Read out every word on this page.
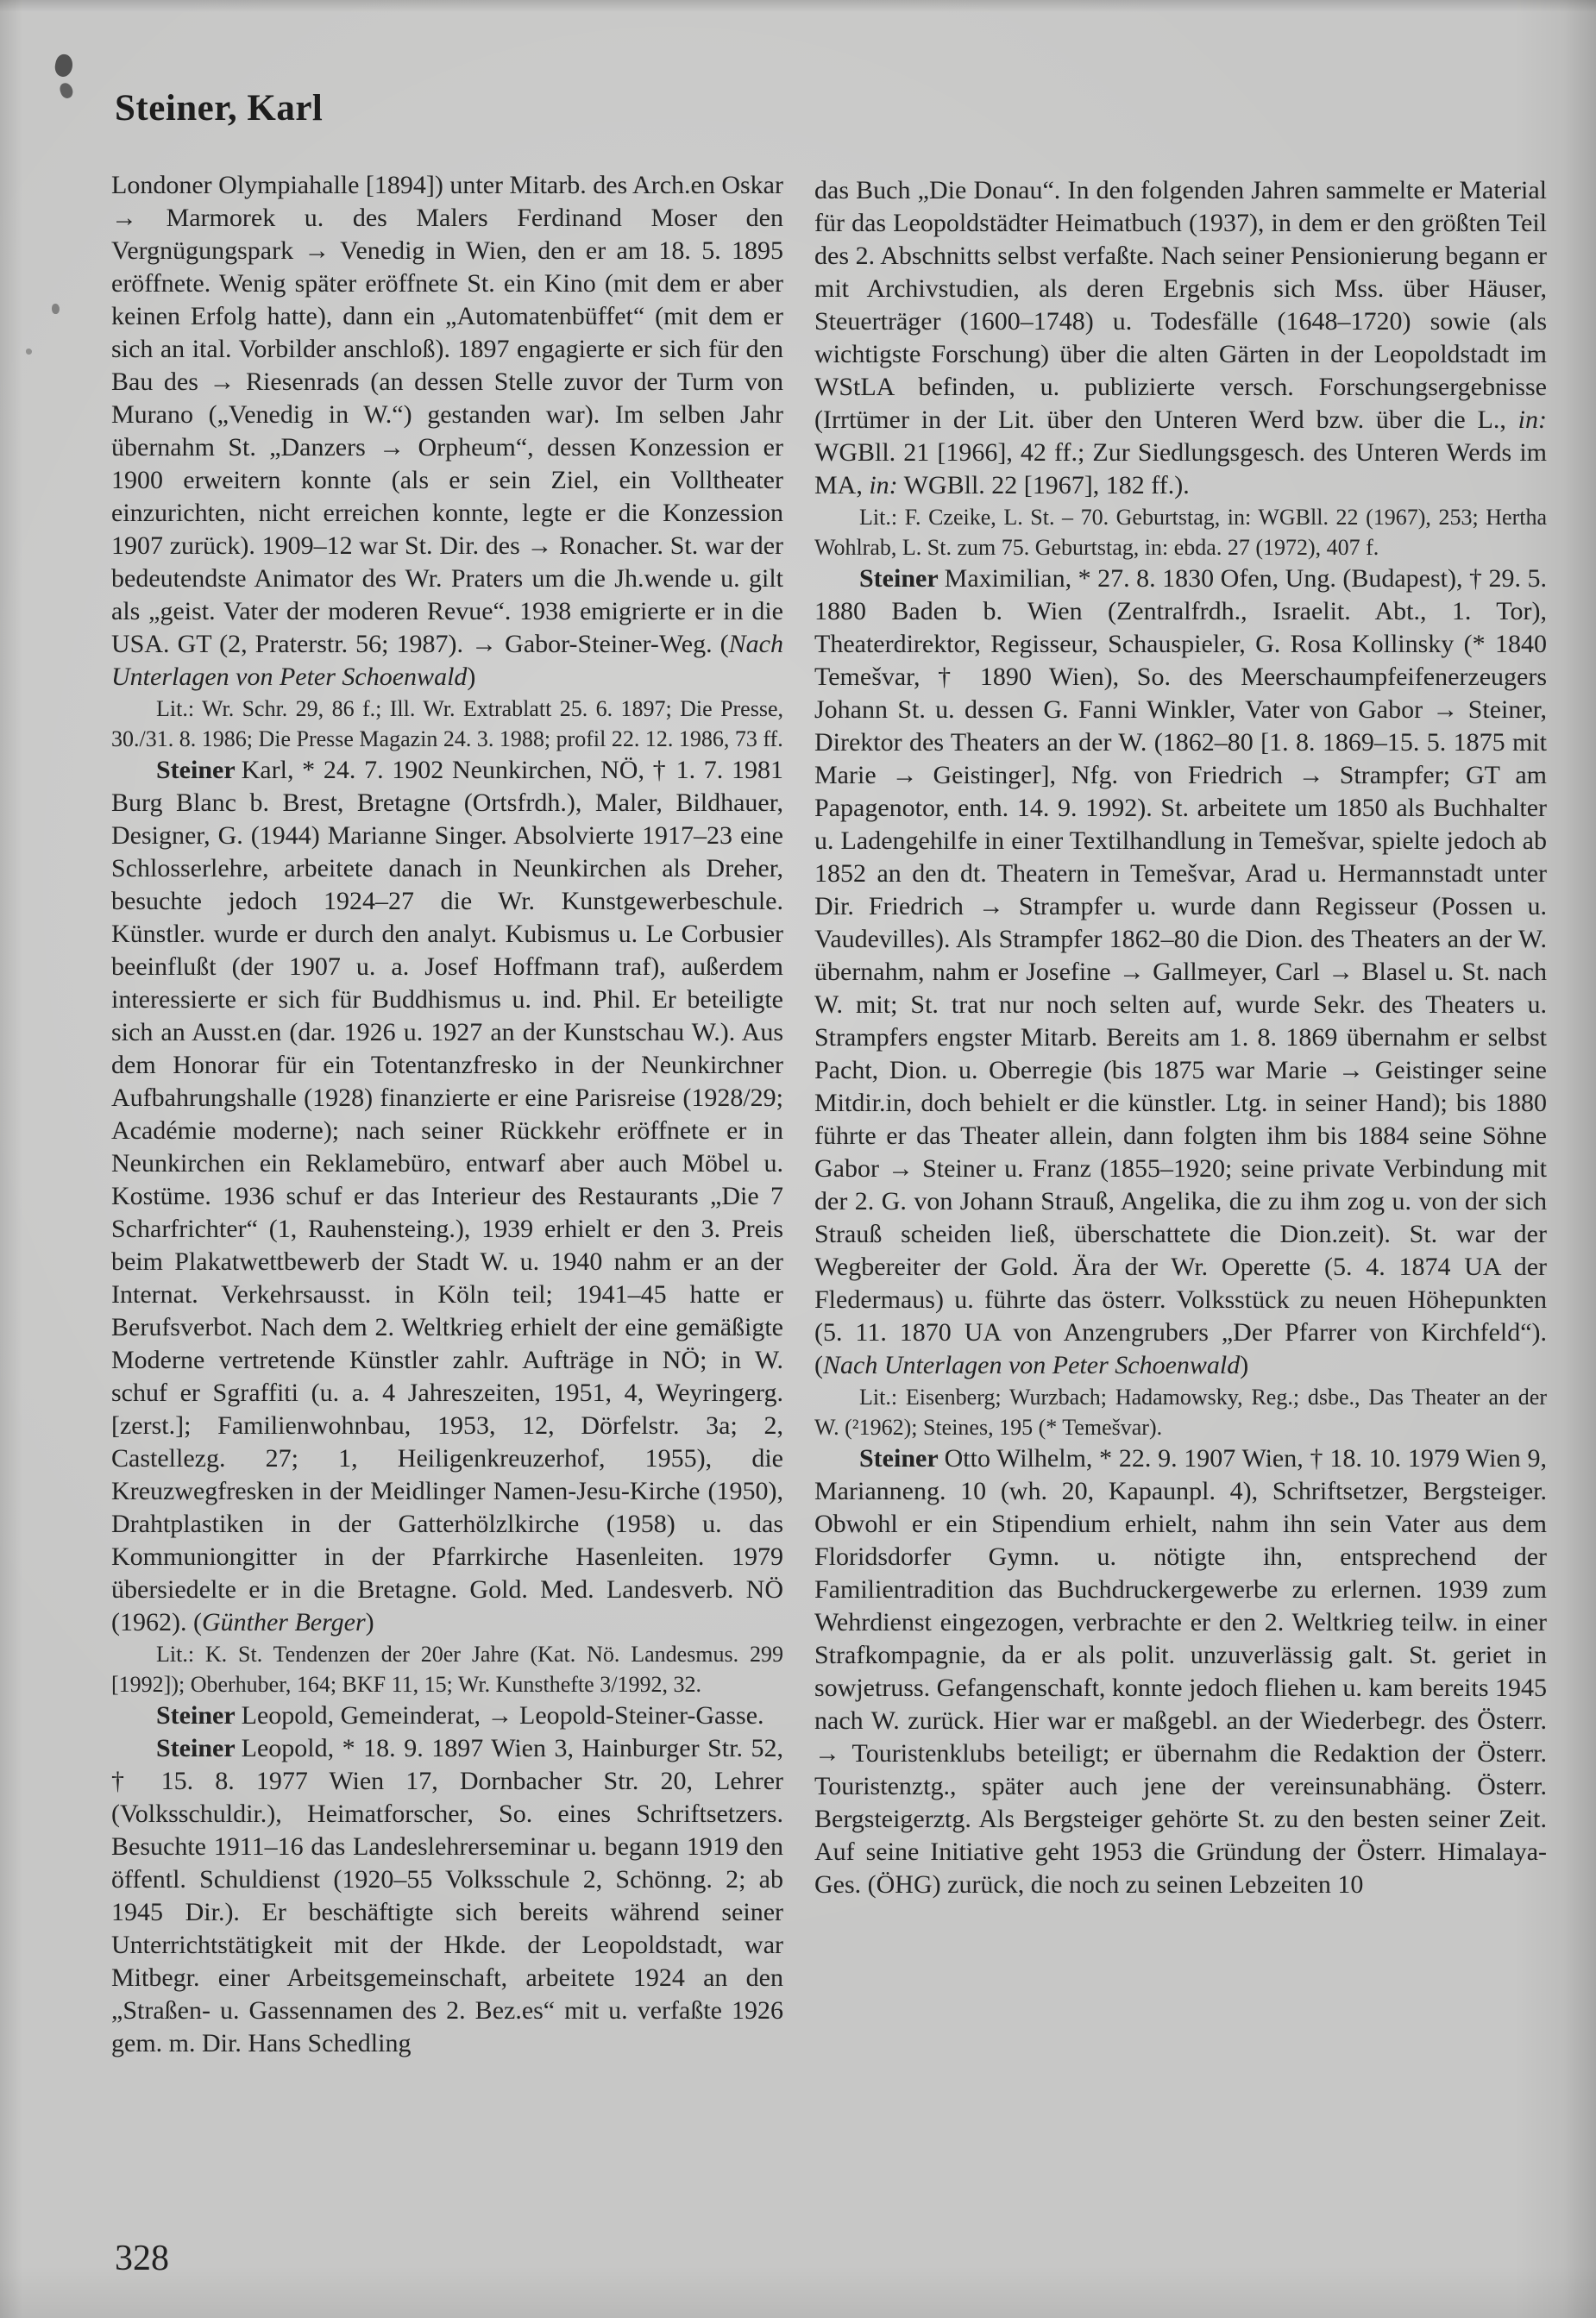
Steiner, Karl

Londoner Olympiahalle [1894]) unter Mitarb. des Arch.en Oskar → Marmorek u. des Malers Ferdinand Moser den Vergnügungspark → Venedig in Wien, den er am 18. 5. 1895 eröffnete. Wenig später eröffnete St. ein Kino (mit dem er aber keinen Erfolg hatte), dann ein „Automatenbüffet“ (mit dem er sich an ital. Vorbilder anschloß). 1897 engagierte er sich für den Bau des → Riesenrads (an dessen Stelle zuvor der Turm von Murano („Venedig in W.“) gestanden war). Im selben Jahr übernahm St. „Danzers → Orpheum“, dessen Konzession er 1900 erweitern konnte (als er sein Ziel, ein Volltheater einzurichten, nicht erreichen konnte, legte er die Konzession 1907 zurück). 1909–12 war St. Dir. des → Ronacher. St. war der bedeutendste Animator des Wr. Praters um die Jh.wende u. gilt als „geist. Vater der moderen Revue“. 1938 emigrierte er in die USA. GT (2, Praterstr. 56; 1987). → Gabor-Steiner-Weg. (Nach Unterlagen von Peter Schoenwald)

Lit.: Wr. Schr. 29, 86 f.; Ill. Wr. Extrablatt 25. 6. 1897; Die Presse, 30./31. 8. 1986; Die Presse Magazin 24. 3. 1988; profil 22. 12. 1986, 73 ff.

Steiner Karl, * 24. 7. 1902 Neunkirchen, NÖ, † 1. 7. 1981 Burg Blanc b. Brest, Bretagne (Ortsfrdh.), Maler, Bildhauer, Designer, G. (1944) Marianne Singer. Absolvierte 1917–23 eine Schlosserlehre, arbeitete danach in Neunkirchen als Dreher, besuchte jedoch 1924–27 die Wr. Kunstgewerbeschule. Künstler. wurde er durch den analyt. Kubismus u. Le Corbusier beeinflußt (der 1907 u. a. Josef Hoffmann traf), außerdem interessierte er sich für Buddhismus u. ind. Phil. Er beteiligte sich an Ausst.en (dar. 1926 u. 1927 an der Kunstschau W.). Aus dem Honorar für ein Totentanzfresko in der Neunkirchner Aufbahrungshalle (1928) finanzierte er eine Parisreise (1928/29; Académie moderne); nach seiner Rückkehr eröffnete er in Neunkirchen ein Reklamebüro, entwarf aber auch Möbel u. Kostüme. 1936 schuf er das Interieur des Restaurants „Die 7 Scharfrichter“ (1, Rauhensteing.), 1939 erhielt er den 3. Preis beim Plakatwettbewerb der Stadt W. u. 1940 nahm er an der Internat. Verkehrsausst. in Köln teil; 1941–45 hatte er Berufsverbot. Nach dem 2. Weltkrieg erhielt der eine gemäßigte Moderne vertretende Künstler zahlr. Aufträge in NÖ; in W. schuf er Sgraffiti (u. a. 4 Jahreszeiten, 1951, 4, Weyringerg. [zerst.]; Familienwohnbau, 1953, 12, Dörfelstr. 3a; 2, Castellezg. 27; 1, Heiligenkreuzerhof, 1955), die Kreuzwegfresken in der Meidlinger Namen-Jesu-Kirche (1950), Drahtplastiken in der Gatterhölzlkirche (1958) u. das Kommuniongitter in der Pfarrkirche Hasenleiten. 1979 übersiedelte er in die Bretagne. Gold. Med. Landesverb. NÖ (1962). (Günther Berger)

Lit.: K. St. Tendenzen der 20er Jahre (Kat. Nö. Landesmus. 299 [1992]); Oberhuber, 164; BKF 11, 15; Wr. Kunsthefte 3/1992, 32.

Steiner Leopold, Gemeinderat, → Leopold-Steiner-Gasse.

Steiner Leopold, * 18. 9. 1897 Wien 3, Hainburger Str. 52, † 15. 8. 1977 Wien 17, Dornbacher Str. 20, Lehrer (Volksschuldir.), Heimatforscher, So. eines Schriftsetzers. Besuchte 1911–16 das Landeslehrerseminar u. begann 1919 den öffentl. Schuldienst (1920–55 Volksschule 2, Schönng. 2; ab 1945 Dir.). Er beschäftigte sich bereits während seiner Unterrichtstätigkeit mit der Hkde. der Leopoldstadt, war Mitbegr. einer Arbeitsgemeinschaft, arbeitete 1924 an den „Straßen- u. Gassennamen des 2. Bez.es“ mit u. verfaßte 1926 gem. m. Dir. Hans Schedling

das Buch „Die Donau“. In den folgenden Jahren sammelte er Material für das Leopoldstädter Heimatbuch (1937), in dem er den größten Teil des 2. Abschnitts selbst verfaßte. Nach seiner Pensionierung begann er mit Archivstudien, als deren Ergebnis sich Mss. über Häuser, Steuerträger (1600–1748) u. Todesfälle (1648–1720) sowie (als wichtigste Forschung) über die alten Gärten in der Leopoldstadt im WStLA befinden, u. publizierte versch. Forschungsergebnisse (Irrtümer in der Lit. über den Unteren Werd bzw. über die L., in: WGBll. 21 [1966], 42 ff.; Zur Siedlungsgesch. des Unteren Werds im MA, in: WGBll. 22 [1967], 182 ff.).

Lit.: F. Czeike, L. St. – 70. Geburtstag, in: WGBll. 22 (1967), 253; Hertha Wohlrab, L. St. zum 75. Geburtstag, in: ebda. 27 (1972), 407 f.

Steiner Maximilian, * 27. 8. 1830 Ofen, Ung. (Budapest), † 29. 5. 1880 Baden b. Wien (Zentralfrdh., Israelit. Abt., 1. Tor), Theaterdirektor, Regisseur, Schauspieler, G. Rosa Kollinsky (* 1840 Temešvar, † 1890 Wien), So. des Meerschaumpfeifenerzeugers Johann St. u. dessen G. Fanni Winkler, Vater von Gabor → Steiner, Direktor des Theaters an der W. (1862–80 [1. 8. 1869–15. 5. 1875 mit Marie → Geistinger], Nfg. von Friedrich → Strampfer; GT am Papagenotor, enth. 14. 9. 1992). St. arbeitete um 1850 als Buchhalter u. Ladengehilfe in einer Textilhandlung in Temešvar, spielte jedoch ab 1852 an den dt. Theatern in Temešvar, Arad u. Hermannstadt unter Dir. Friedrich → Strampfer u. wurde dann Regisseur (Possen u. Vaudevilles). Als Strampfer 1862–80 die Dion. des Theaters an der W. übernahm, nahm er Josefine → Gallmeyer, Carl → Blasel u. St. nach W. mit; St. trat nur noch selten auf, wurde Sekr. des Theaters u. Strampfers engster Mitarb. Bereits am 1. 8. 1869 übernahm er selbst Pacht, Dion. u. Oberregie (bis 1875 war Marie → Geistinger seine Mitdir.in, doch behielt er die künstler. Ltg. in seiner Hand); bis 1880 führte er das Theater allein, dann folgten ihm bis 1884 seine Söhne Gabor → Steiner u. Franz (1855–1920; seine private Verbindung mit der 2. G. von Johann Strauß, Angelika, die zu ihm zog u. von der sich Strauß scheiden ließ, überschattete die Dion.zeit). St. war der Wegbereiter der Gold. Ära der Wr. Operette (5. 4. 1874 UA der Fledermaus) u. führte das österr. Volksstück zu neuen Höhepunkten (5. 11. 1870 UA von Anzengrubers „Der Pfarrer von Kirchfeld“). (Nach Unterlagen von Peter Schoenwald)

Lit.: Eisenberg; Wurzbach; Hadamowsky, Reg.; dsbe., Das Theater an der W. (²1962); Steines, 195 (* Temešvar).

Steiner Otto Wilhelm, * 22. 9. 1907 Wien, † 18. 10. 1979 Wien 9, Marianneng. 10 (wh. 20, Kapaunpl. 4), Schriftsetzer, Bergsteiger. Obwohl er ein Stipendium erhielt, nahm ihn sein Vater aus dem Floridsdorfer Gymn. u. nötigte ihn, entsprechend der Familientradition das Buchdruckergewerbe zu erlernen. 1939 zum Wehrdienst eingezogen, verbrachte er den 2. Weltkrieg teilw. in einer Strafkompagnie, da er als polit. unzuverlässig galt. St. geriet in sowjetruss. Gefangenschaft, konnte jedoch fliehen u. kam bereits 1945 nach W. zurück. Hier war er maßgebl. an der Wiederbegr. des Österr. → Touristenklubs beteiligt; er übernahm die Redaktion der Österr. Touristenztg., später auch jene der vereinsunabhäng. Österr. Bergsteigerztg. Als Bergsteiger gehörte St. zu den besten seiner Zeit. Auf seine Initiative geht 1953 die Gründung der Österr. Himalaya-Ges. (ÖHG) zurück, die noch zu seinen Lebzeiten 10

328
